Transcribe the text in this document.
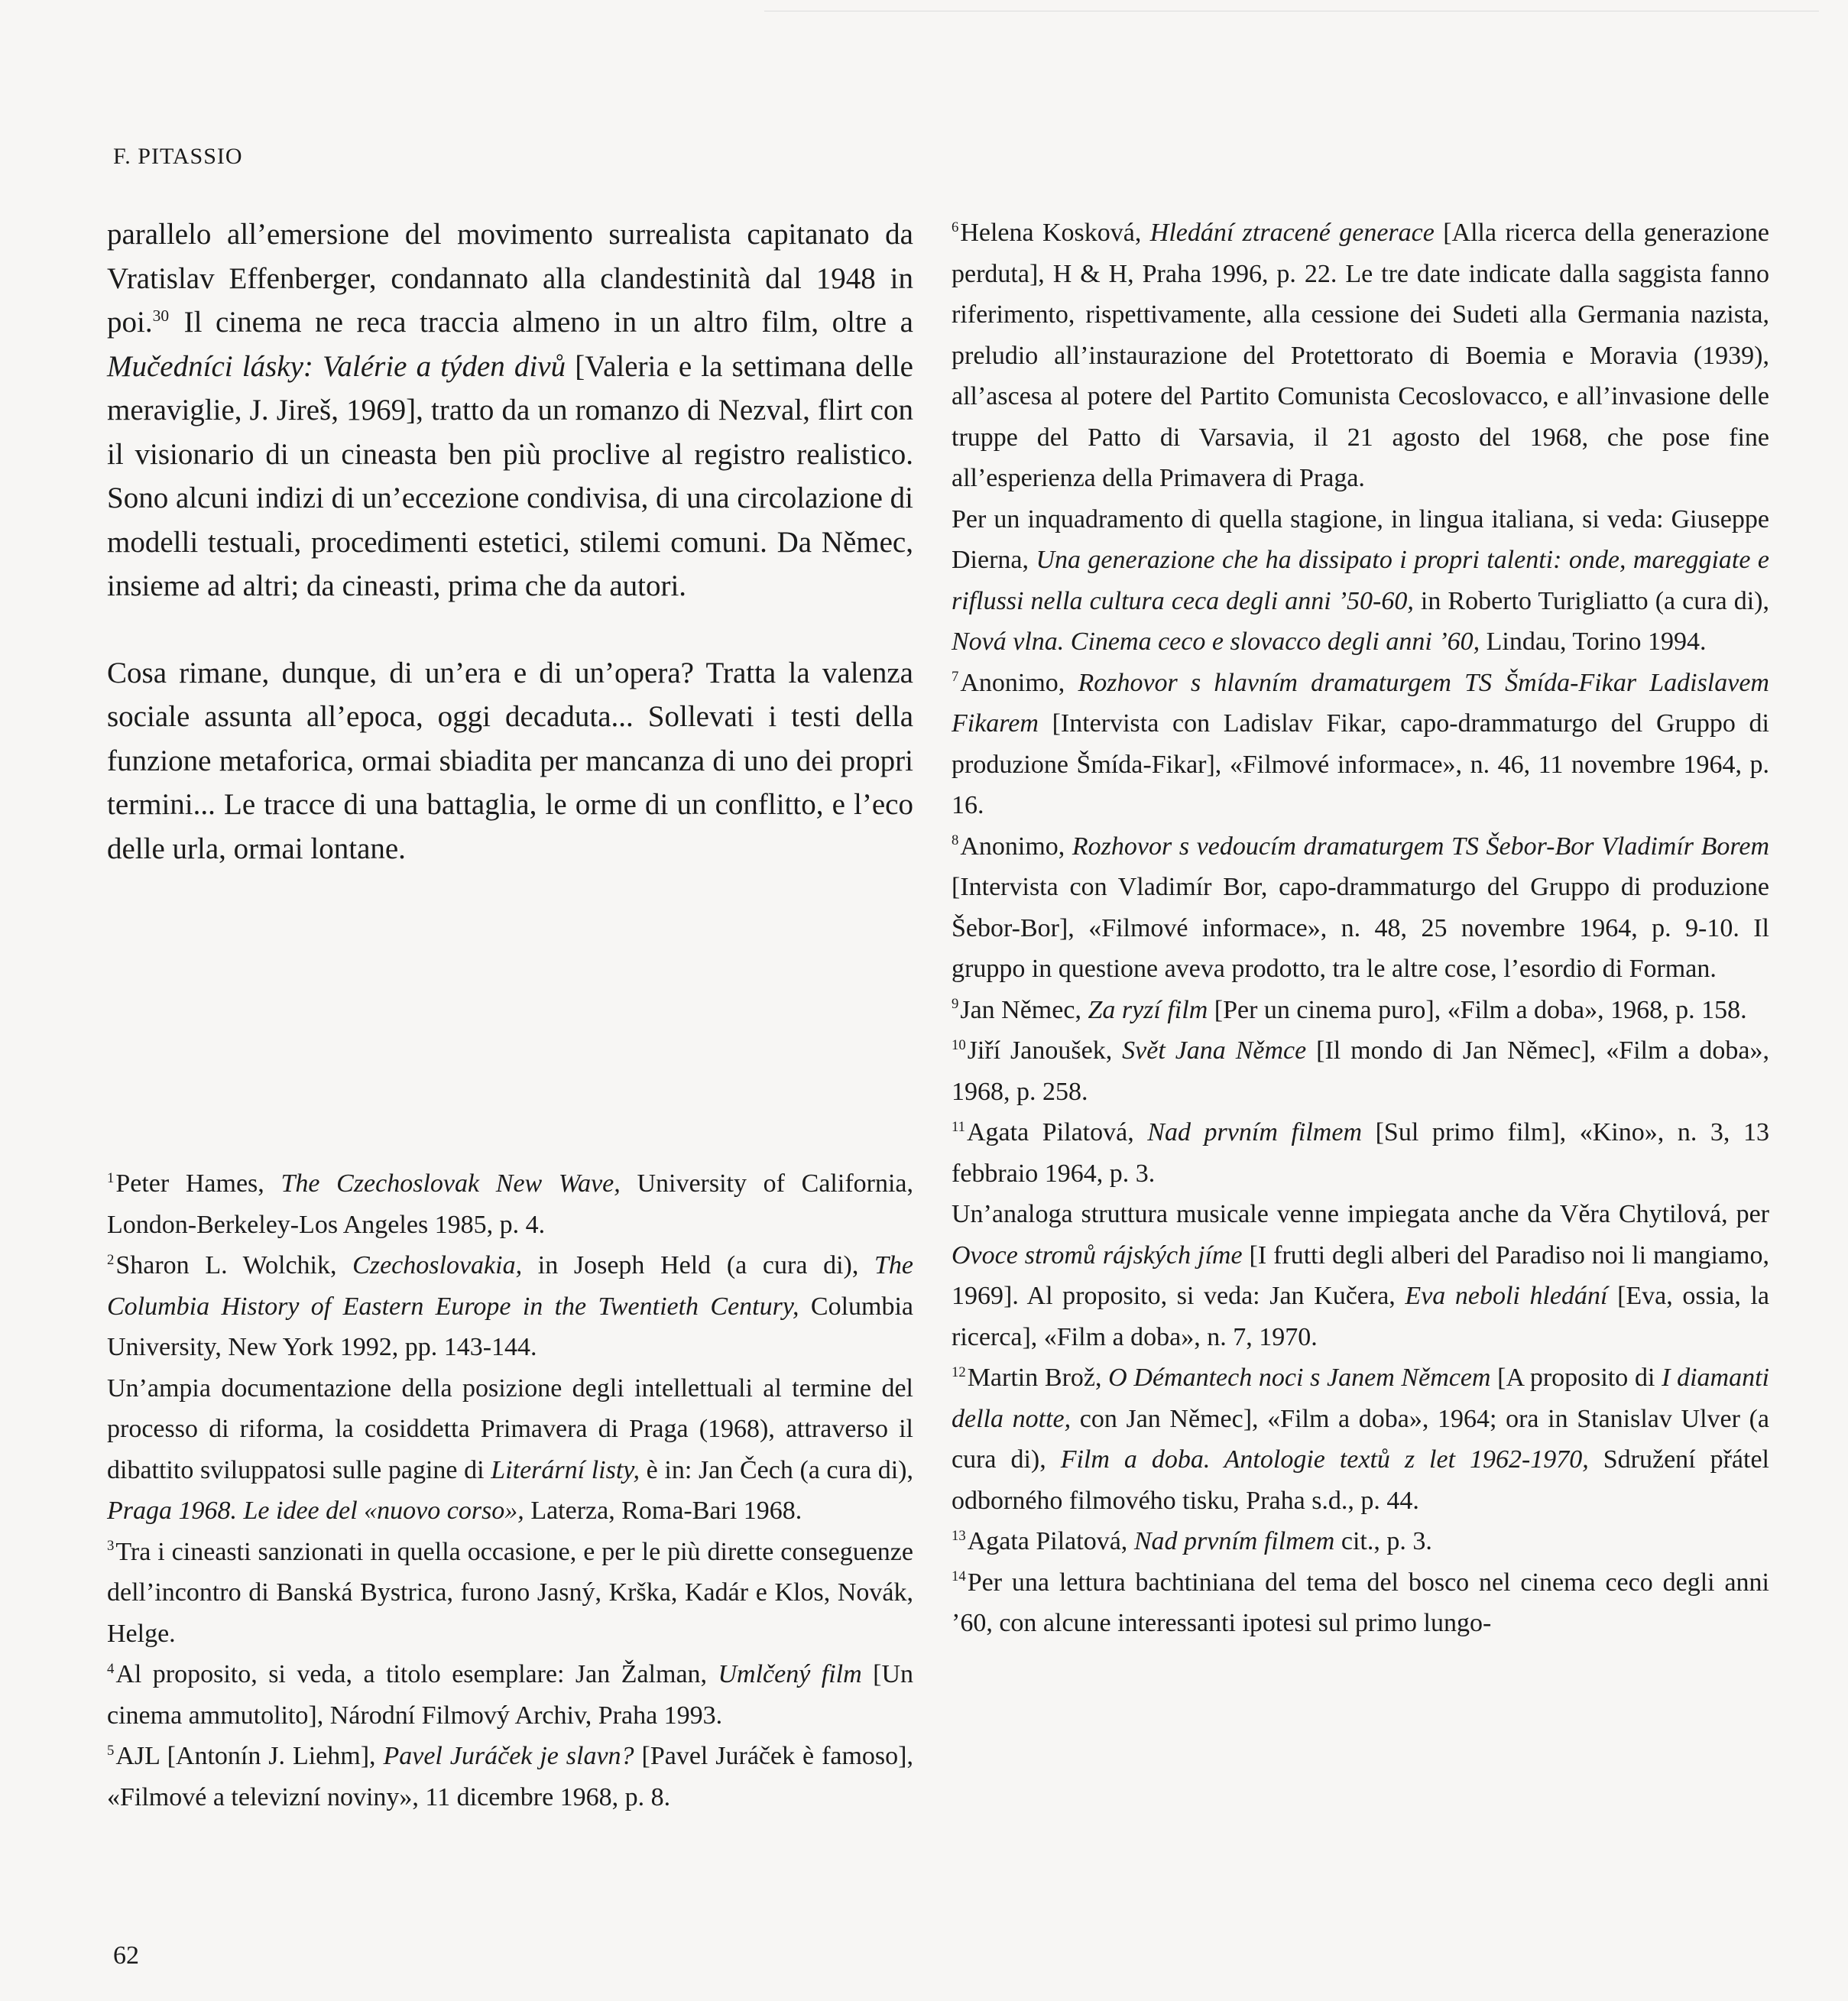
F. PITASSIO

parallelo all’emersione del movimento surrealista capitanato da Vratislav Effenberger, condannato alla clandestinità dal 1948 in poi.$^{30}$ Il cinema ne reca traccia almeno in un altro film, oltre a Mučedníci lásky: Valérie a týden divů [Valeria e la settimana delle meraviglie, J. Jireš, 1969], tratto da un romanzo di Nezval, flirt con il visionario di un cineasta ben più proclive al registro realistico. Sono alcuni indizi di un’eccezione condivisa, di una circolazione di modelli testuali, procedimenti estetici, stilemi comuni. Da Němec, insieme ad altri; da cineasti, prima che da autori.

Cosa rimane, dunque, di un’era e di un’opera? Tratta la valenza sociale assunta all’epoca, oggi decaduta... Sollevati i testi della funzione metaforica, ormai sbiadita per mancanza di uno dei propri termini... Le tracce di una battaglia, le orme di un conflitto, e l’eco delle urla, ormai lontane.

$^1$Peter Hames, The Czechoslovak New Wave, University of California, London-Berkeley-Los Angeles 1985, p. 4.

$^2$Sharon L. Wolchik, Czechoslovakia, in Joseph Held (a cura di), The Columbia History of Eastern Europe in the Twentieth Century, Columbia University, New York 1992, pp. 143-144.

Un’ampia documentazione della posizione degli intellettuali al termine del processo di riforma, la cosiddetta Primavera di Praga (1968), attraverso il dibattito sviluppatosi sulle pagine di Literární listy, è in: Jan Čech (a cura di), Praga 1968. Le idee del «nuovo corso», Laterza, Roma-Bari 1968.

$^3$Tra i cineasti sanzionati in quella occasione, e per le più dirette conseguenze dell’incontro di Banská Bystrica, furono Jasný, Krška, Kadár e Klos, Novák, Helge.

$^4$Al proposito, si veda, a titolo esemplare: Jan Žalman, Umlčený film [Un cinema ammutolito], Národní Filmový Archiv, Praha 1993.

$^5$AJL [Antonín J. Liehm], Pavel Juráček je slavn? [Pavel Juráček è famoso], «Filmové a televizní noviny», 11 dicembre 1968, p. 8.

$^6$Helena Kosková, Hledání ztracené generace [Alla ricerca della generazione perduta], H & H, Praha 1996, p. 22. Le tre date indicate dalla saggista fanno riferimento, rispettivamente, alla cessione dei Sudeti alla Germania nazista, preludio all’instaurazione del Protettorato di Boemia e Moravia (1939), all’ascesa al potere del Partito Comunista Cecoslovacco, e all’invasione delle truppe del Patto di Varsavia, il 21 agosto del 1968, che pose fine all’esperienza della Primavera di Praga.

Per un inquadramento di quella stagione, in lingua italiana, si veda: Giuseppe Dierna, Una generazione che ha dissipato i propri talenti: onde, mareggiate e riflussi nella cultura ceca degli anni ’50-60, in Roberto Turigliatto (a cura di), Nová vlna. Cinema ceco e slovacco degli anni ’60, Lindau, Torino 1994.

$^7$Anonimo, Rozhovor s hlavním dramaturgem TS Šmída-Fikar Ladislavem Fikarem [Intervista con Ladislav Fikar, capo-drammaturgo del Gruppo di produzione Šmída-Fikar], «Filmové informace», n. 46, 11 novembre 1964, p. 16.

$^8$Anonimo, Rozhovor s vedoucím dramaturgem TS Šebor-Bor Vladimír Borem [Intervista con Vladimír Bor, capo-drammaturgo del Gruppo di produzione Šebor-Bor], «Filmové informace», n. 48, 25 novembre 1964, p. 9-10. Il gruppo in questione aveva prodotto, tra le altre cose, l’esordio di Forman.

$^9$Jan Němec, Za ryzí film [Per un cinema puro], «Film a doba», 1968, p. 158.

$^{10}$Jiří Janoušek, Svět Jana Němce [Il mondo di Jan Němec], «Film a doba», 1968, p. 258.

$^{11}$Agata Pilatová, Nad prvním filmem [Sul primo film], «Kino», n. 3, 13 febbraio 1964, p. 3.

Un’analoga struttura musicale venne impiegata anche da Věra Chytilová, per Ovoce stromů rájských jíme [I frutti degli alberi del Paradiso noi li mangiamo, 1969]. Al proposito, si veda: Jan Kučera, Eva neboli hledání [Eva, ossia, la ricerca], «Film a doba», n. 7, 1970.

$^{12}$Martin Brož, O Démantech noci s Janem Němcem [A proposito di I diamanti della notte, con Jan Němec], «Film a doba», 1964; ora in Stanislav Ulver (a cura di), Film a doba. Antologie textů z let 1962-1970, Sdružení přátel odborného filmového tisku, Praha s.d., p. 44.

$^{13}$Agata Pilatová, Nad prvním filmem cit., p. 3.

$^{14}$Per una lettura bachtiniana del tema del bosco nel cinema ceco degli anni ’60, con alcune interessanti ipotesi sul primo lungo-

62
